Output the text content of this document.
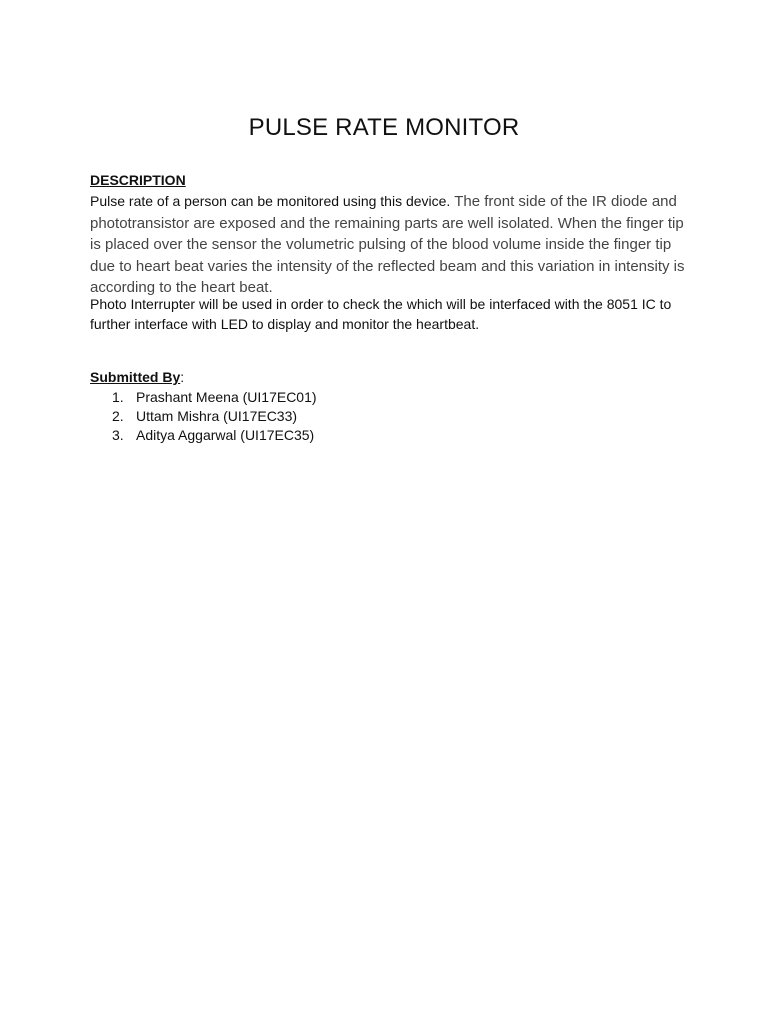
PULSE RATE MONITOR
DESCRIPTION
Pulse rate of a person can be monitored using this device. The front side of the IR diode and phototransistor are exposed and the remaining parts are well isolated. When the finger tip is placed over the sensor the volumetric pulsing of the blood volume inside the finger tip due to heart beat varies the intensity of the reflected beam and this variation in intensity is according to the heart beat.
Photo Interrupter will be used in order to check the which will be interfaced with the 8051 IC to further interface with LED to display and monitor the heartbeat.
Submitted By:
1. Prashant Meena (UI17EC01)
2. Uttam Mishra (UI17EC33)
3. Aditya Aggarwal (UI17EC35)
